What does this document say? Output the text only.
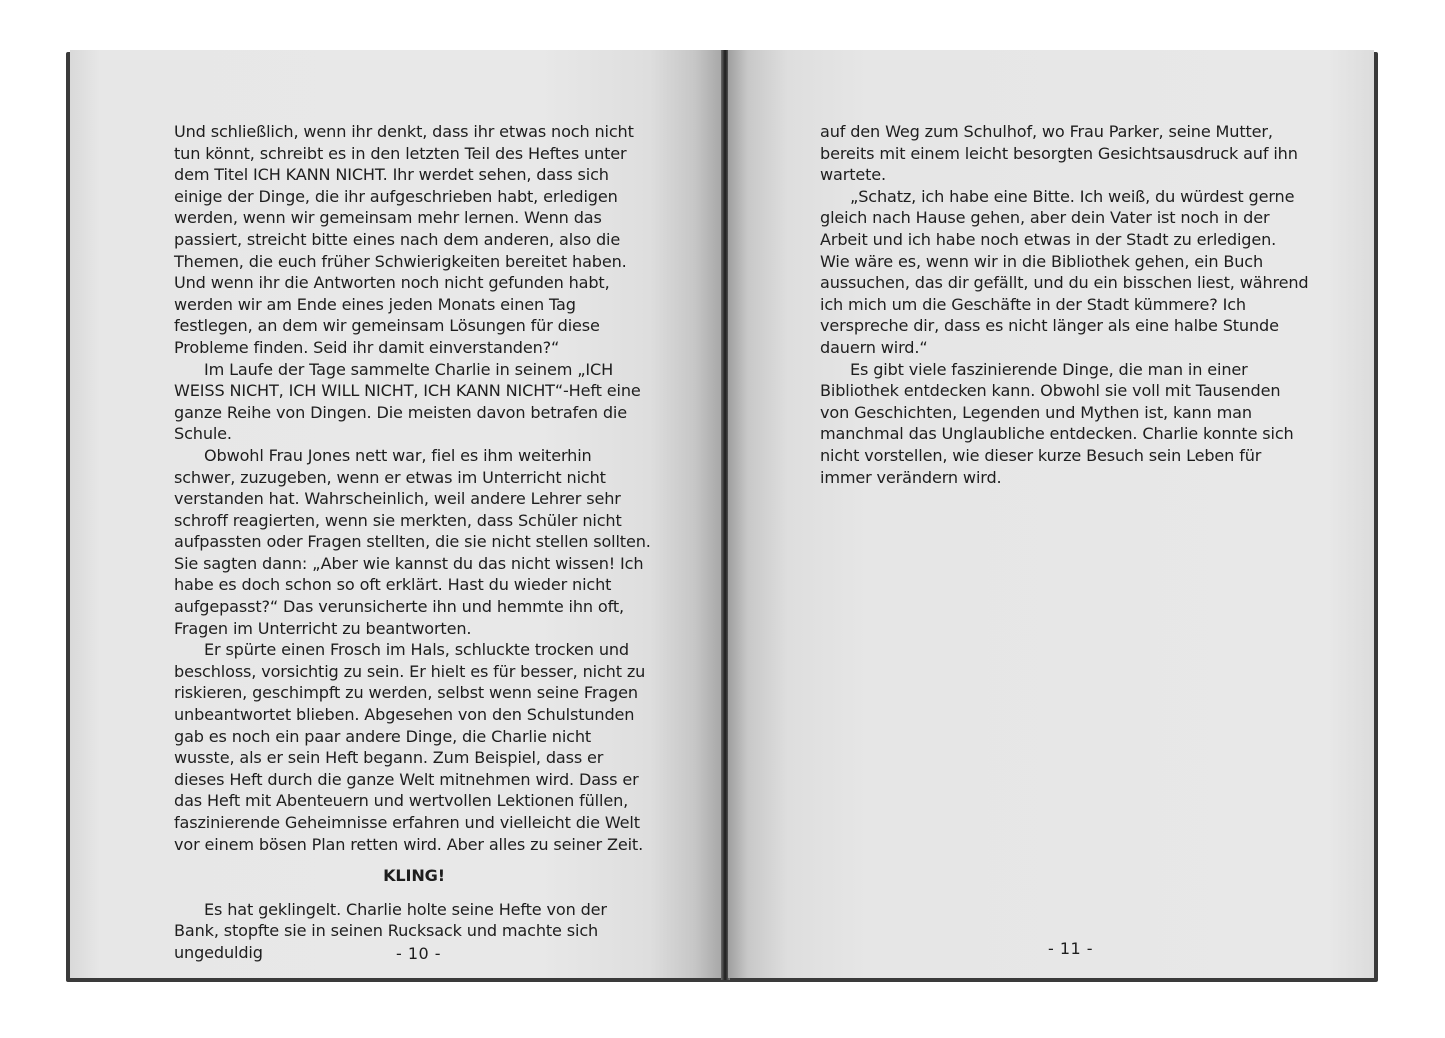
Und schließlich, wenn ihr denkt, dass ihr etwas noch nicht tun könnt, schreibt es in den letzten Teil des Heftes unter dem Titel ICH KANN NICHT. Ihr werdet sehen, dass sich einige der Dinge, die ihr aufgeschrieben habt, erledigen werden, wenn wir gemeinsam mehr lernen. Wenn das passiert, streicht bitte eines nach dem anderen, also die Themen, die euch früher Schwierigkeiten bereitet haben. Und wenn ihr die Antworten noch nicht gefunden habt, werden wir am Ende eines jeden Monats einen Tag festlegen, an dem wir gemeinsam Lösungen für diese Probleme finden. Seid ihr damit einverstanden?“

Im Laufe der Tage sammelte Charlie in seinem „ICH WEISS NICHT, ICH WILL NICHT, ICH KANN NICHT“-Heft eine ganze Reihe von Dingen. Die meisten davon betrafen die Schule.

Obwohl Frau Jones nett war, fiel es ihm weiterhin schwer, zuzugeben, wenn er etwas im Unterricht nicht verstanden hat. Wahrscheinlich, weil andere Lehrer sehr schroff reagierten, wenn sie merkten, dass Schüler nicht aufpassten oder Fragen stellten, die sie nicht stellen sollten. Sie sagten dann: „Aber wie kannst du das nicht wissen! Ich habe es doch schon so oft erklärt. Hast du wieder nicht aufgepasst?“ Das verunsicherte ihn und hemmte ihn oft, Fragen im Unterricht zu beantworten.

Er spürte einen Frosch im Hals, schluckte trocken und beschloss, vorsichtig zu sein. Er hielt es für besser, nicht zu riskieren, geschimpft zu werden, selbst wenn seine Fragen unbeantwortet blieben. Abgesehen von den Schulstunden gab es noch ein paar andere Dinge, die Charlie nicht wusste, als er sein Heft begann. Zum Beispiel, dass er dieses Heft durch die ganze Welt mitnehmen wird. Dass er das Heft mit Abenteuern und wertvollen Lektionen füllen, faszinierende Geheimnisse erfahren und vielleicht die Welt vor einem bösen Plan retten wird. Aber alles zu seiner Zeit.

KLING!

Es hat geklingelt. Charlie holte seine Hefte von der Bank, stopfte sie in seinen Rucksack und machte sich ungeduldig	- 10 -

auf den Weg zum Schulhof, wo Frau Parker, seine Mutter, bereits mit einem leicht besorgten Gesichtsausdruck auf ihn wartete.

„Schatz, ich habe eine Bitte. Ich weiß, du würdest gerne gleich nach Hause gehen, aber dein Vater ist noch in der Arbeit und ich habe noch etwas in der Stadt zu erledigen. Wie wäre es, wenn wir in die Bibliothek gehen, ein Buch aussuchen, das dir gefällt, und du ein bisschen liest, während ich mich um die Geschäfte in der Stadt kümmere? Ich verspreche dir, dass es nicht länger als eine halbe Stunde dauern wird.“

Es gibt viele faszinierende Dinge, die man in einer Bibliothek entdecken kann. Obwohl sie voll mit Tausenden von Geschichten, Legenden und Mythen ist, kann man manchmal das Unglaubliche entdecken. Charlie konnte sich nicht vorstellen, wie dieser kurze Besuch sein Leben für immer verändern wird.

- 11 -
